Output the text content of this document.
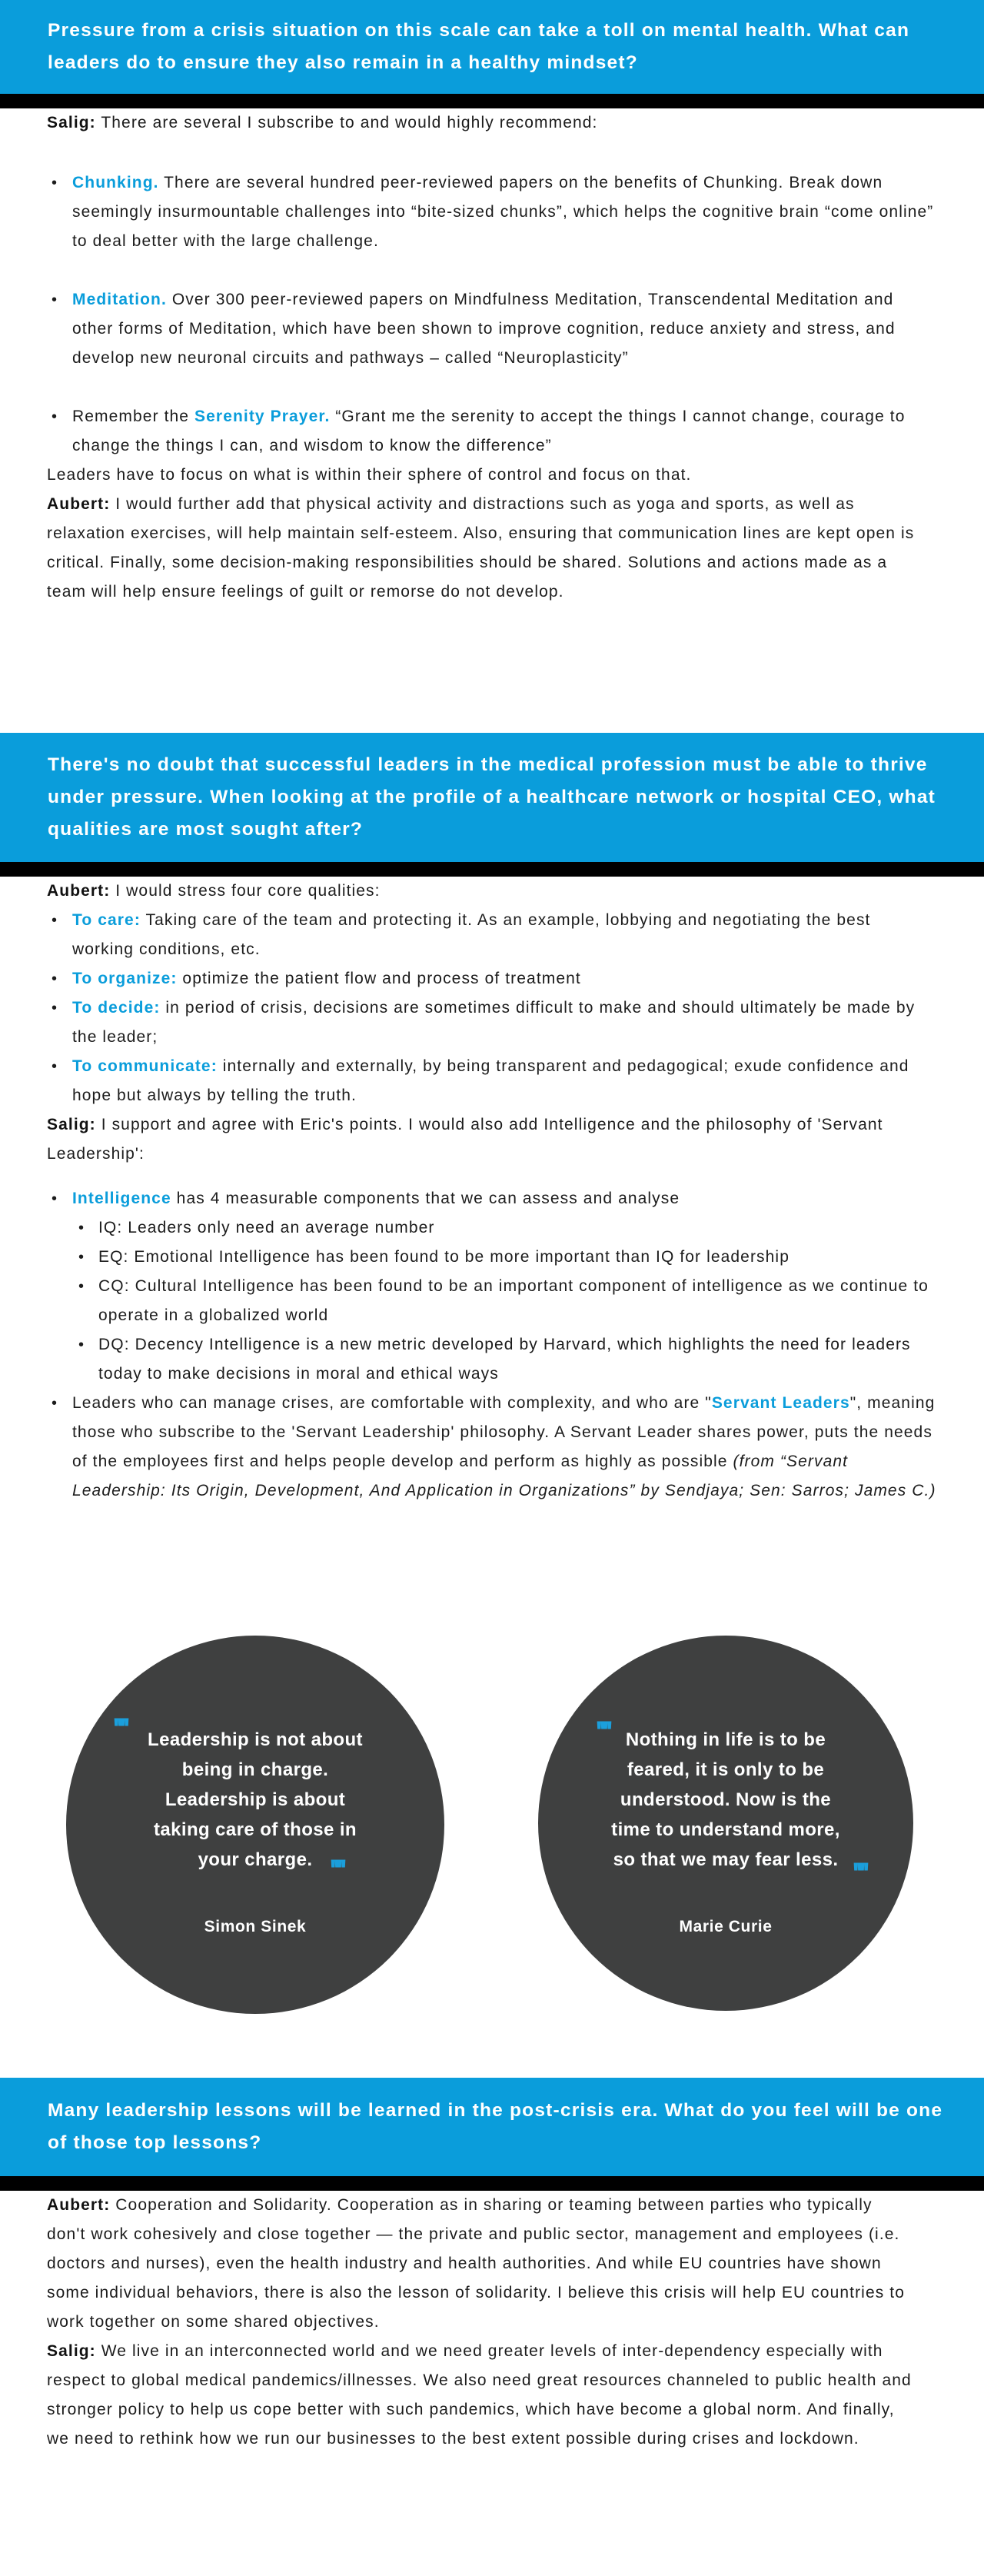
Pressure from a crisis situation on this scale can take a toll on mental health. What can leaders do to ensure they also remain in a healthy mindset?

Salig: There are several I subscribe to and would highly recommend:

• Chunking. There are several hundred peer-reviewed papers on the benefits of Chunking. Break down seemingly insurmountable challenges into “bite-sized chunks”, which helps the cognitive brain “come online” to deal better with the large challenge.
• Meditation. Over 300 peer-reviewed papers on Mindfulness Meditation, Transcendental Meditation and other forms of Meditation, which have been shown to improve cognition, reduce anxiety and stress, and develop new neuronal circuits and pathways – called “Neuroplasticity”
• Remember the Serenity Prayer. “Grant me the serenity to accept the things I cannot change, courage to change the things I can, and wisdom to know the difference”

Leaders have to focus on what is within their sphere of control and focus on that.

Aubert: I would further add that physical activity and distractions such as yoga and sports, as well as relaxation exercises, will help maintain self-esteem. Also, ensuring that communication lines are kept open is critical. Finally, some decision-making responsibilities should be shared. Solutions and actions made as a team will help ensure feelings of guilt or remorse do not develop.

There's no doubt that successful leaders in the medical profession must be able to thrive under pressure. When looking at the profile of a healthcare network or hospital CEO, what qualities are most sought after?

Aubert: I would stress four core qualities:

• To care: Taking care of the team and protecting it. As an example, lobbying and negotiating the best working conditions, etc.
• To organize: optimize the patient flow and process of treatment
• To decide: in period of crisis, decisions are sometimes difficult to make and should ultimately be made by the leader;
• To communicate: internally and externally, by being transparent and pedagogical; exude confidence and hope but always by telling the truth.

Salig: I support and agree with Eric's points. I would also add Intelligence and the philosophy of 'Servant Leadership':

• Intelligence has 4 measurable components that we can assess and analyse
• IQ: Leaders only need an average number
• EQ: Emotional Intelligence has been found to be more important than IQ for leadership
• CQ: Cultural Intelligence has been found to be an important component of intelligence as we continue to operate in a globalized world
• DQ: Decency Intelligence is a new metric developed by Harvard, which highlights the need for leaders today to make decisions in moral and ethical ways
• Leaders who can manage crises, are comfortable with complexity, and who are "Servant Leaders", meaning those who subscribe to the 'Servant Leadership' philosophy. A Servant Leader shares power, puts the needs of the employees first and helps people develop and perform as highly as possible (from “Servant Leadership: Its Origin, Development, And Application in Organizations” by Sendjaya; Sen: Sarros; James C.)
""
Leadership is not about
being in charge.
Leadership is about
taking care of those in
your charge.
""
Simon Sinek
""
Nothing in life is to be
feared, it is only to be
understood. Now is the
time to understand more,
so that we may fear less.
""
Marie Curie
Many leadership lessons will be learned in the post-crisis era. What do you feel will be one of those top lessons?

Aubert: Cooperation and Solidarity. Cooperation as in sharing or teaming between parties who typically don't work cohesively and close together — the private and public sector, management and employees (i.e. doctors and nurses), even the health industry and health authorities. And while EU countries have shown some individual behaviors, there is also the lesson of solidarity. I believe this crisis will help EU countries to work together on some shared objectives.

Salig: We live in an interconnected world and we need greater levels of inter-dependency especially with respect to global medical pandemics/illnesses. We also need great resources channeled to public health and stronger policy to help us cope better with such pandemics, which have become a global norm. And finally, we need to rethink how we run our businesses to the best extent possible during crises and lockdown.
